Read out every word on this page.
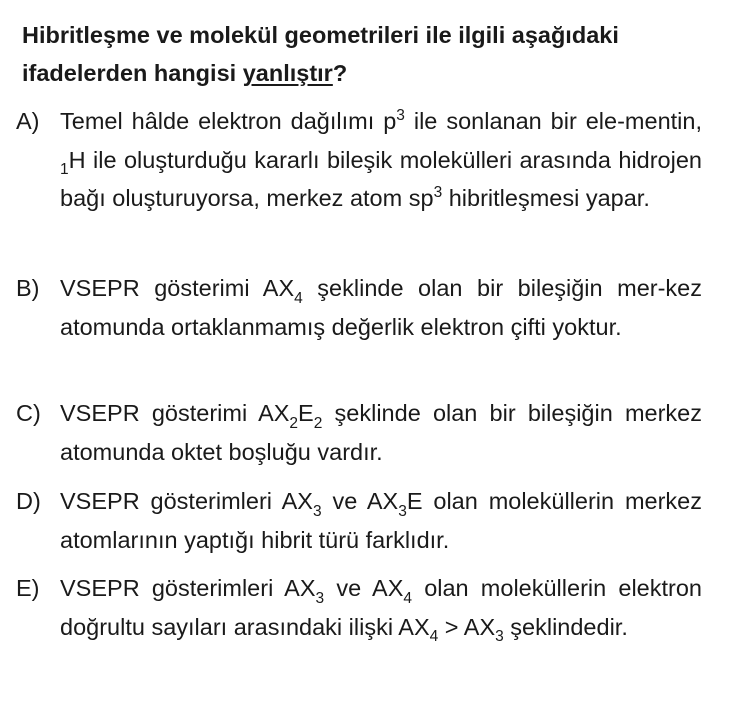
Hibritleşme ve molekül geometrileri ile ilgili aşağıdaki ifadelerden hangisi yanlıştır?
A) Temel hâlde elektron dağılımı $p^3$ ile sonlanan bir ele-mentin, $_1$H ile oluşturduğu kararlı bileşik molekülleri arasında hidrojen bağı oluşturuyorsa, merkez atom $sp^3$ hibritleşmesi yapar.
B) VSEPR gösterimi $AX_4$ şeklinde olan bir bileşiğin mer-kez atomunda ortaklanmamış değerlik elektron çifti yoktur.
C) VSEPR gösterimi $AX_2E_2$ şeklinde olan bir bileşiğin merkez atomunda oktet boşluğu vardır.
D) VSEPR gösterimleri $AX_3$ ve $AX_3E$ olan moleküllerin merkez atomlarının yaptığı hibrit türü farklıdır.
E) VSEPR gösterimleri $AX_3$ ve $AX_4$ olan moleküllerin elektron doğrultu sayıları arasındaki ilişki $AX_4 > AX_3$ şeklindedir.
